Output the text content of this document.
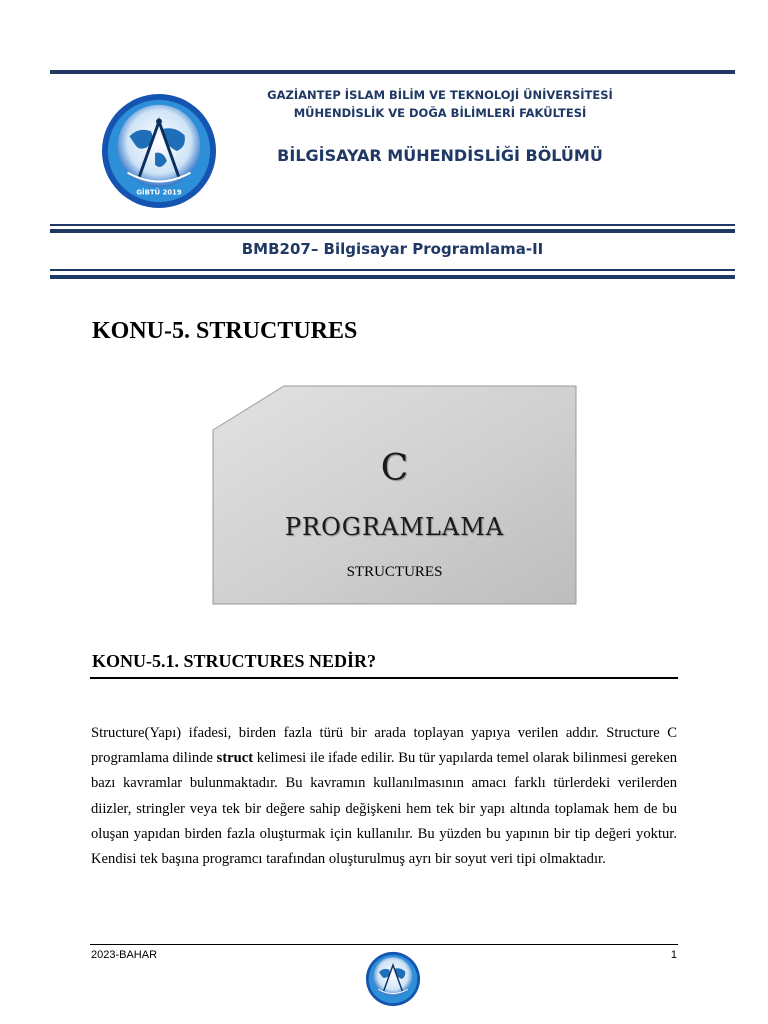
GİBTÜ 2019
GAZİANTEP İSLAM BİLİM VE TEKNOLOJİ ÜNİVERSİTESİ
MÜHENDİSLİK VE DOĞA BİLİMLERİ FAKÜLTESİ
BİLGİSAYAR MÜHENDİSLİĞİ BÖLÜMÜ
BMB207– Bilgisayar Programlama-II
KONU-5. STRUCTURES
C
PROGRAMLAMA
STRUCTURES
KONU-5.1. STRUCTURES NEDİR?

Structure(Yapı) ifadesi, birden fazla türü bir arada toplayan yapıya verilen addır. Structure C programlama dilinde struct kelimesi ile ifade edilir. Bu tür yapılarda temel olarak bilinmesi gereken bazı kavramlar bulunmaktadır. Bu kavramın kullanılmasının amacı farklı türlerdeki verilerden diizler, stringler veya tek bir değere sahip değişkeni hem tek bir yapı altında toplamak hem de bu oluşan yapıdan birden fazla oluşturmak için kullanılır. Bu yüzden bu yapının bir tip değeri yoktur. Kendisi tek başına programcı tarafından oluşturulmuş ayrı bir soyut veri tipi olmaktadır.

2023-BAHAR	1
